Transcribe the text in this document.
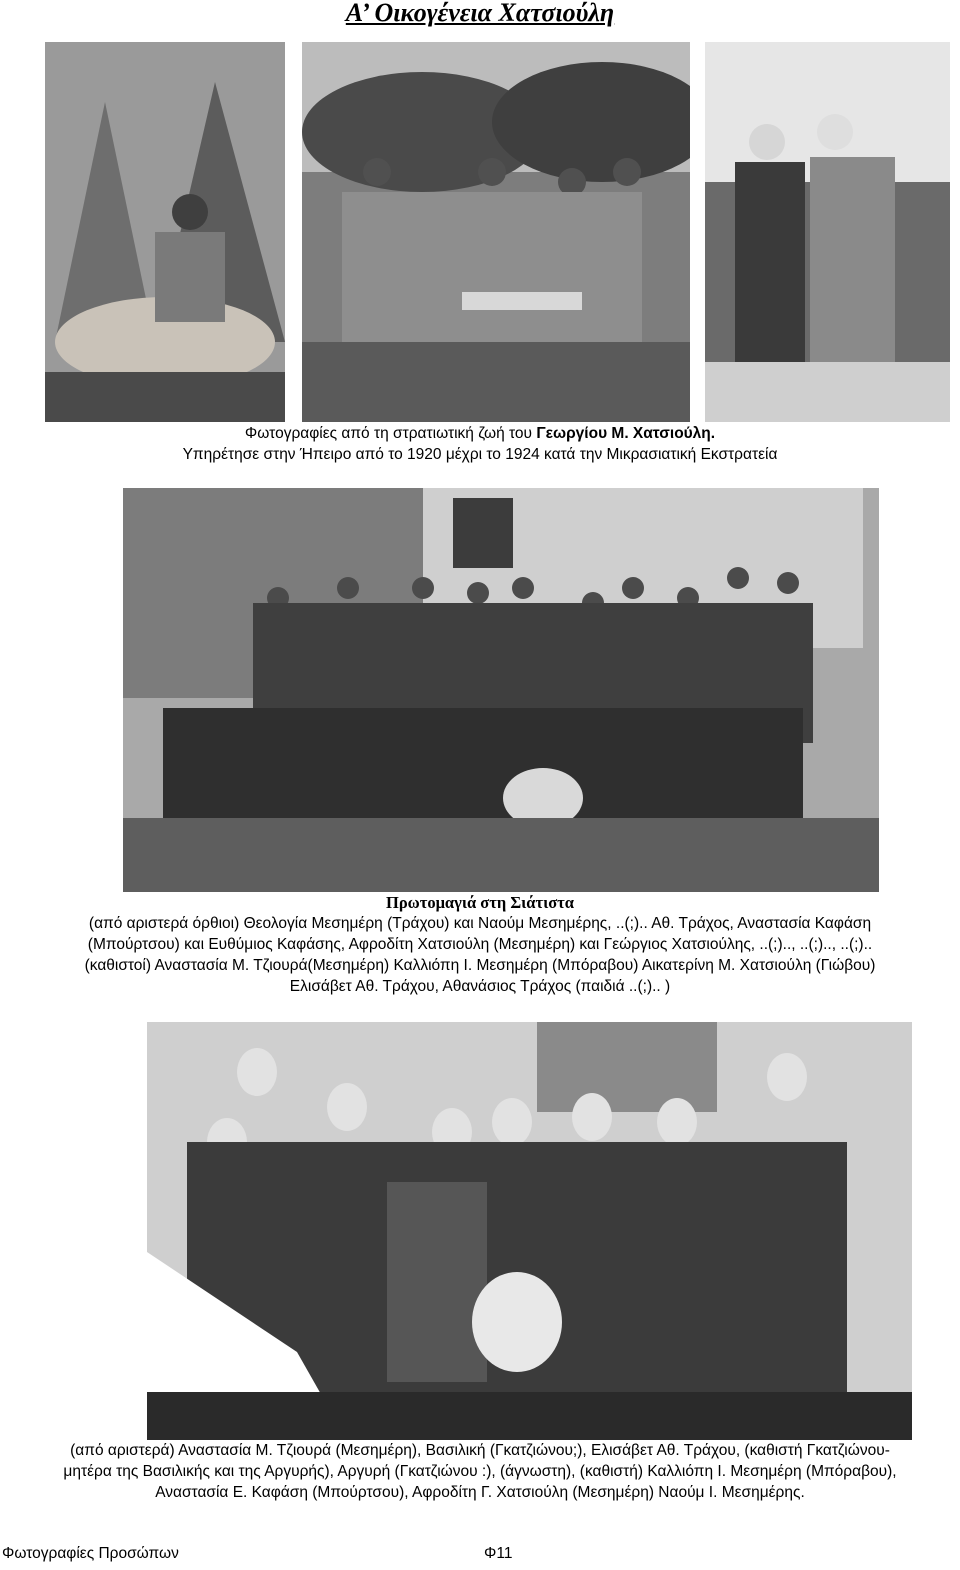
Α’ Οικογένεια Χατσιούλη
Φωτογραφίες από τη στρατιωτική ζωή του Γεωργίου Μ. Χατσιούλη.
Υπηρέτησε στην Ήπειρο από το 1920 μέχρι το 1924 κατά την Μικρασιατική Εκστρατεία
Πρωτομαγιά στη Σιάτιστα
(από αριστερά όρθιοι) Θεολογία Μεσημέρη (Τράχου) και Ναούμ Μεσημέρης, ..(;).. Αθ. Τράχος, Αναστασία Καφάση
(Μπούρτσου) και Ευθύμιος Καφάσης, Αφροδίτη Χατσιούλη (Μεσημέρη) και Γεώργιος Χατσιούλης, ..(;).., ..(;).., ..(;)..
(καθιστοί) Αναστασία Μ. Τζιουρά(Μεσημέρη) Καλλιόπη Ι. Μεσημέρη (Μπόραβου) Αικατερίνη Μ. Χατσιούλη (Γιώβου)
Ελισάβετ Αθ. Τράχου, Αθανάσιος Τράχος (παιδιά ..(;).. )
(από αριστερά) Αναστασία Μ. Τζιουρά (Μεσημέρη), Βασιλική (Γκατζιώνου;), Ελισάβετ Αθ. Τράχου, (καθιστή Γκατζιώνου-
μητέρα της Βασιλικής και της Αργυρής), Αργυρή (Γκατζιώνου :), (άγνωστη), (καθιστή) Καλλιόπη Ι. Μεσημέρη (Μπόραβου),
Αναστασία Ε. Καφάση (Μπούρτσου), Αφροδίτη Γ. Χατσιούλη (Μεσημέρη) Ναούμ Ι. Μεσημέρης.
Φωτογραφίες Προσώπων	Φ11
